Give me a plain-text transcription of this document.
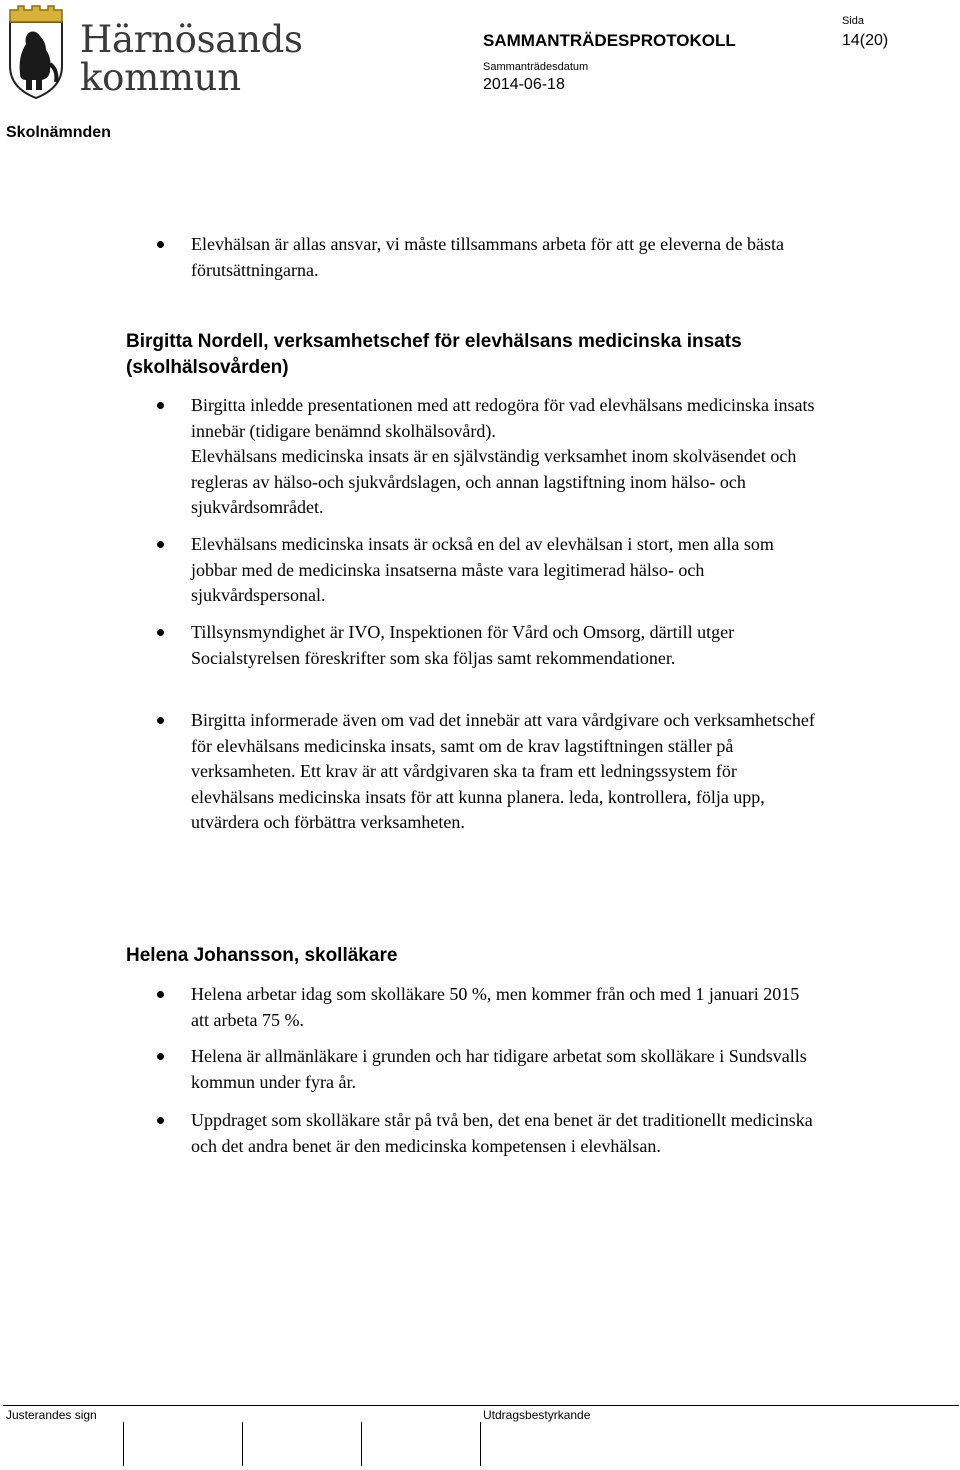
Härnösands
kommun
SAMMANTRÄDESPROTOKOLL
Sammanträdesdatum
2014-06-18
Sida
14(20)
Skolnämnden
Elevhälsan är allas ansvar, vi måste tillsammans arbeta för att ge eleverna de bästa förutsättningarna.
Birgitta Nordell, verksamhetschef för elevhälsans medicinska insats (skolhälsovården)
Birgitta inledde presentationen med att redogöra för vad elevhälsans medicinska insats innebär (tidigare benämnd skolhälsovård).
Elevhälsans medicinska insats är en självständig verksamhet inom skolväsendet och regleras av hälso-och sjukvårdslagen, och annan lagstiftning inom hälso- och sjukvårdsområdet.
Elevhälsans medicinska insats är också en del av elevhälsan i stort, men alla som jobbar med de medicinska insatserna måste vara legitimerad hälso- och sjukvårdspersonal.
Tillsynsmyndighet är IVO, Inspektionen för Vård och Omsorg, därtill utger Socialstyrelsen föreskrifter som ska följas samt rekommendationer.
Birgitta informerade även om vad det innebär att vara vårdgivare och verksamhetschef för elevhälsans medicinska insats, samt om de krav lagstiftningen ställer på verksamheten. Ett krav är att vårdgivaren ska ta fram ett ledningssystem för elevhälsans medicinska insats för att kunna planera. leda, kontrollera, följa upp, utvärdera och förbättra verksamheten.
Helena Johansson, skolläkare
Helena arbetar idag som skolläkare 50 %, men kommer från och med 1 januari 2015 att arbeta 75 %.
Helena är allmänläkare i grunden och har tidigare arbetat som skolläkare i Sundsvalls kommun under fyra år.
Uppdraget som skolläkare står på två ben, det ena benet är det traditionellt medicinska och det andra benet är den medicinska kompetensen i elevhälsan.
Justerandes sign	Utdragsbestyrkande
